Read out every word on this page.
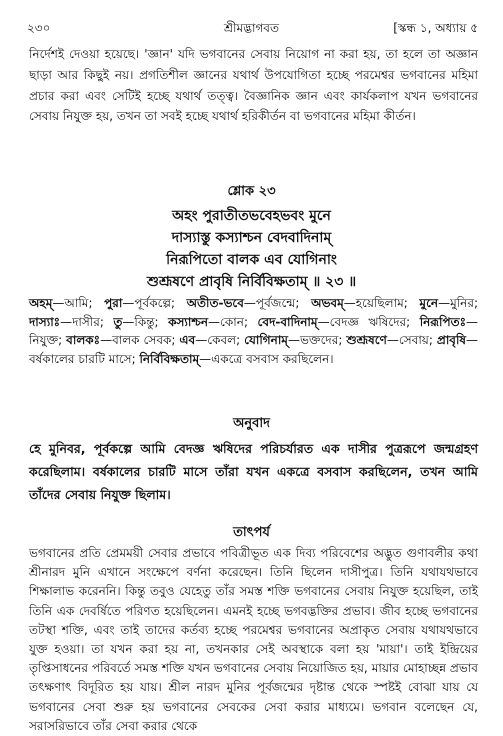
২৩০	শ্রীমদ্ভাগবত	[স্কন্ধ ১, অধ্যায় ৫

নির্দেশই দেওয়া হয়েছে। 'জ্ঞান' যদি ভগবানের সেবায় নিয়োগ না করা হয়, তা হলে তা অজ্ঞান ছাড়া আর কিছুই নয়। প্রগতিশীল জ্ঞানের যথার্থ উপযোগিতা হচ্ছে পরমেশ্বর ভগবানের মহিমা প্রচার করা এবং সেটিই হচ্ছে যথার্থ তত্ত্ব। বৈজ্ঞানিক জ্ঞান এবং কার্যকলাপ যখন ভগবানের সেবায় নিযুক্ত হয়, তখন তা সবই হচ্ছে যথার্থ হরিকীর্তন বা ভগবানের মহিমা কীর্তন।

শ্লোক ২৩
অহং পুরাতীতভবেহভবং মুনে
দাস্যাস্তু কস্যাশ্চন বেদবাদিনাম্
নিরূপিতো বালক এব যোগিনাং
শুশ্রূষণে প্রাবৃষি নির্বিবিক্ষতাম্ ॥ ২৩ ॥

অহম্—আমি; পুরা—পূর্বকল্পে; অতীত-ভবে—পূর্বজন্মে; অভবম্—হয়েছিলাম; মুনে—মুনির; দাস্যাঃ—দাসীর; তু—কিন্তু; কস্যাশ্চন—কোন; বেদ-বাদিনাম্—বেদজ্ঞ ঋষিদের; নিরূপিতঃ—নিযুক্ত; বালকঃ—বালক সেবক; এব—কেবল; যোগিনাম্—ভক্তদের; শুশ্রূষণে—সেবায়; প্রাবৃষি—বর্ষকালের চারটি মাসে; নির্বিবিক্ষতাম্—একত্রে বসবাস করছিলেন।

অনুবাদ

হে মুনিবর, পূর্বকল্পে আমি বেদজ্ঞ ঋষিদের পরিচর্যারত এক দাসীর পুত্ররূপে জন্মগ্রহণ করেছিলাম। বর্ষকালের চারটি মাসে তাঁরা যখন একত্রে বসবাস করছিলেন, তখন আমি তাঁদের সেবায় নিযুক্ত ছিলাম।

তাৎপর্য

ভগবানের প্রতি প্রেমময়ী সেবার প্রভাবে পবিত্রীভূত এক দিব্য পরিবেশের অদ্ভুত গুণাবলীর কথা শ্রীনারদ মুনি এখানে সংক্ষেপে বর্ণনা করেছেন। তিনি ছিলেন দাসীপুত্র। তিনি যথাযথভাবে শিক্ষালাভ করেননি। কিন্তু তবুও যেহেতু তাঁর সমস্ত শক্তি ভগবানের সেবায় নিযুক্ত হয়েছিল, তাই তিনি এক দেবর্ষিতে পরিণত হয়েছিলেন। এমনই হচ্ছে ভগবদ্ভক্তির প্রভাব। জীব হচ্ছে ভগবানের তটস্থা শক্তি, এবং তাই তাদের কর্তব্য হচ্ছে পরমেশ্বর ভগবানের অপ্রাকৃত সেবায় যথাযথভাবে যুক্ত হওয়া। তা যখন করা হয় না, তখনকার সেই অবস্থাকে বলা হয় 'মায়া'। তাই ইন্দ্রিয়ের তৃপ্তিসাধনের পরিবর্তে সমস্ত শক্তি যখন ভগবানের সেবায় নিয়োজিত হয়, মায়ার মোহাচ্ছন্ন প্রভাব তৎক্ষণাৎ বিদূরিত হয় যায়। শ্রীল নারদ মুনির পূর্বজন্মের দৃষ্টান্ত থেকে স্পষ্টই বোঝা যায় যে ভগবানের সেবা শুরু হয় ভগবানের সেবকের সেবা করার মাধ্যমে। ভগবান বলেছেন যে, সরাসরিভাবে তাঁর সেবা করার থেকে
